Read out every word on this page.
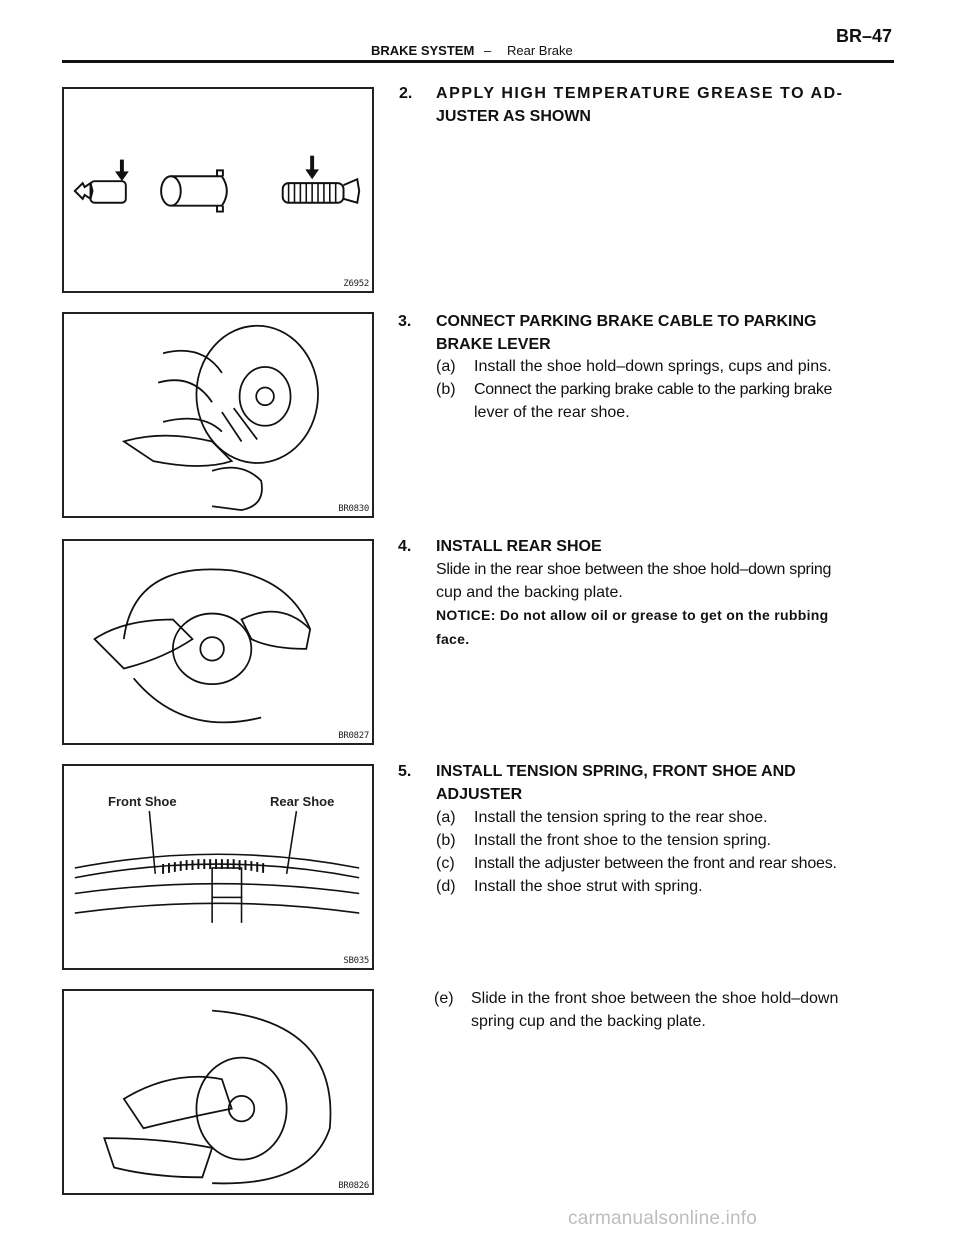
BRAKE SYSTEM – Rear Brake
BR–47
Z6952
BR0830
BR0827
Front Shoe	Rear Shoe
SB035
BR0826
2. APPLY HIGH TEMPERATURE GREASE TO AD-
JUSTER AS SHOWN
3. CONNECT PARKING BRAKE CABLE TO PARKING
BRAKE LEVER
(a) Install the shoe hold–down springs, cups and pins.
(b) Connect the parking brake cable to the parking brake
lever of the rear shoe.
4. INSTALL REAR SHOE
Slide in the rear shoe between the shoe hold–down spring
cup and the backing plate.
NOTICE: Do not allow oil or grease to get on the rubbing
face.
5. INSTALL TENSION SPRING, FRONT SHOE AND
ADJUSTER
(a) Install the tension spring to the rear shoe.
(b) Install the front shoe to the tension spring.
(c) Install the adjuster between the front and rear shoes.
(d) Install the shoe strut with spring.
(e) Slide in the front shoe between the shoe hold–down
spring cup and the backing plate.
carmanualsonline.info
